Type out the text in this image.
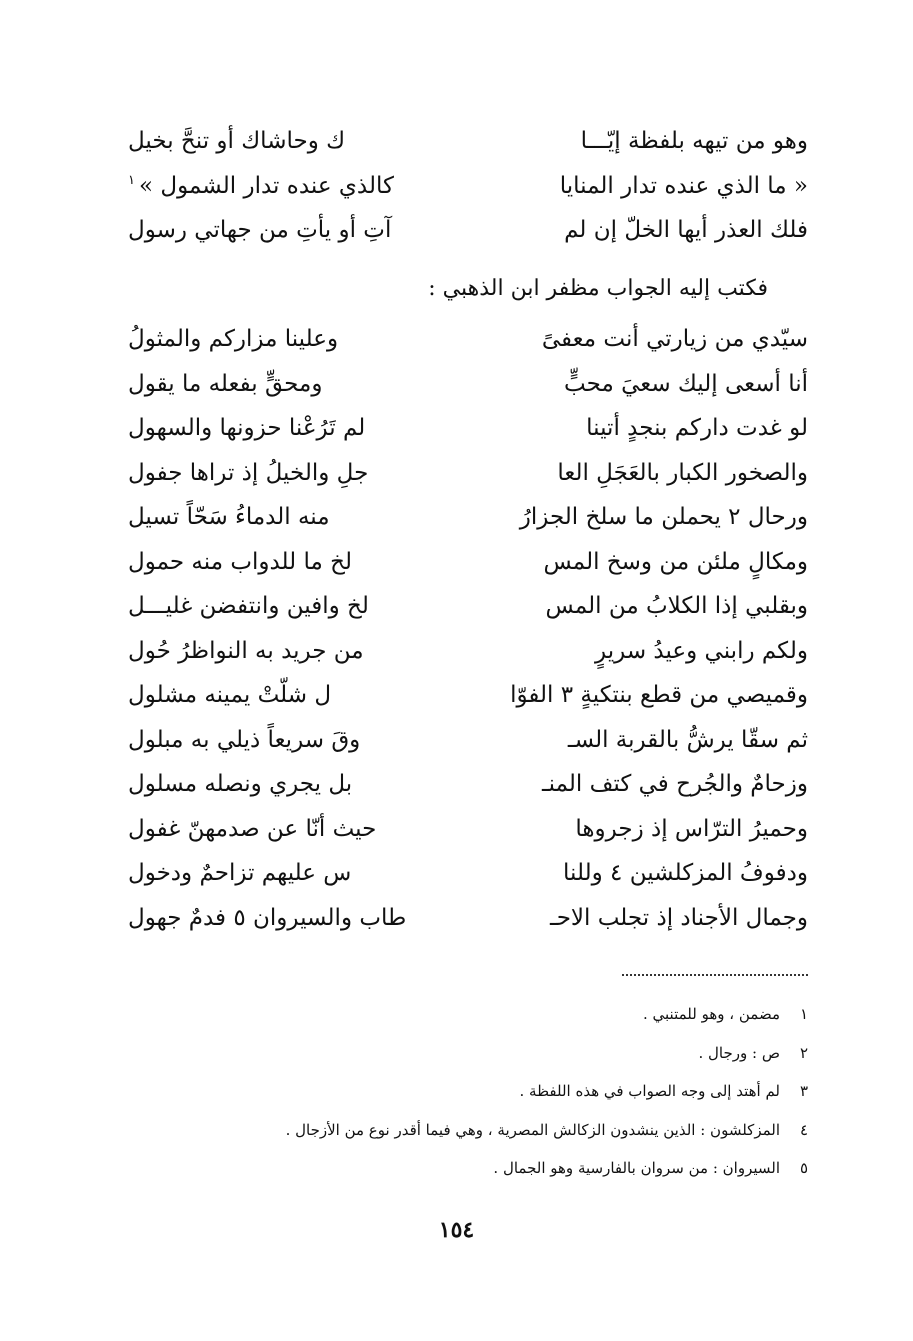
وهو من تيهه بلفظة إيّـــا
ك وحاشاك أو تنحَّ بخيل
« ما الذي عنده تدار المنايا
كالذي عنده تدار الشمول »$^١$
فلك العذر أيها الخلّ إن لم
آتِ أو يأتِ من جهاتي رسول
فكتب إليه الجواب مظفر ابن الذهبي :
سيّدي من زيارتي أنت معفىً
وعلينا مزاركم والمثولُ
أنا أسعى إليك سعيَ محبٍّ
ومحقٍّ بفعله ما يقول
لو غدت داركم بنجدٍ أتينا
لم تَرُعْنا حزونها والسهول
والصخور الكبار بالعَجَلِ العا
جلِ والخيلُ إذ تراها جفول
ورحال ٢ يحملن ما سلخ الجزارُ
منه الدماءُ سَحّاً تسيل
ومكالٍ ملئن من وسخ المس
لخ ما للدواب منه حمول
وبقلبي إذا الكلابُ من المس
لخ وافين وانتفضن غليـــل
ولكم رابني وعيدُ سريرٍ
من جريد به النواظرُ حُول
وقميصي من قطع بنتكيةٍ ٣ الفوّا
ل شلّتْ يمينه مشلول
ثم سقّا يرشُّ بالقربة السـ
وقَ سريعاً ذيلي به مبلول
وزحامٌ والجُرح في كتف المنـ
بل يجري ونصله مسلول
وحميرُ الترّاس إذ زجروها
حيث أنّا عن صدمهنّ غفول
ودفوفُ المزكلشين ٤ وللنا
س عليهم تزاحمٌ ودخول
وجمال الأجناد إذ تجلب الاحـ
طاب والسيروان ٥ فدمٌ جهول
١مضمن ، وهو للمتنبي .
٢ص : ورجال .
٣لم أهتد إلى وجه الصواب في هذه اللفظة .
٤المزكلشون : الذين ينشدون الزكالش المصرية ، وهي فيما أقدر نوع من الأزجال .
٥السيروان : من سروان بالفارسية وهو الجمال .
١٥٤
